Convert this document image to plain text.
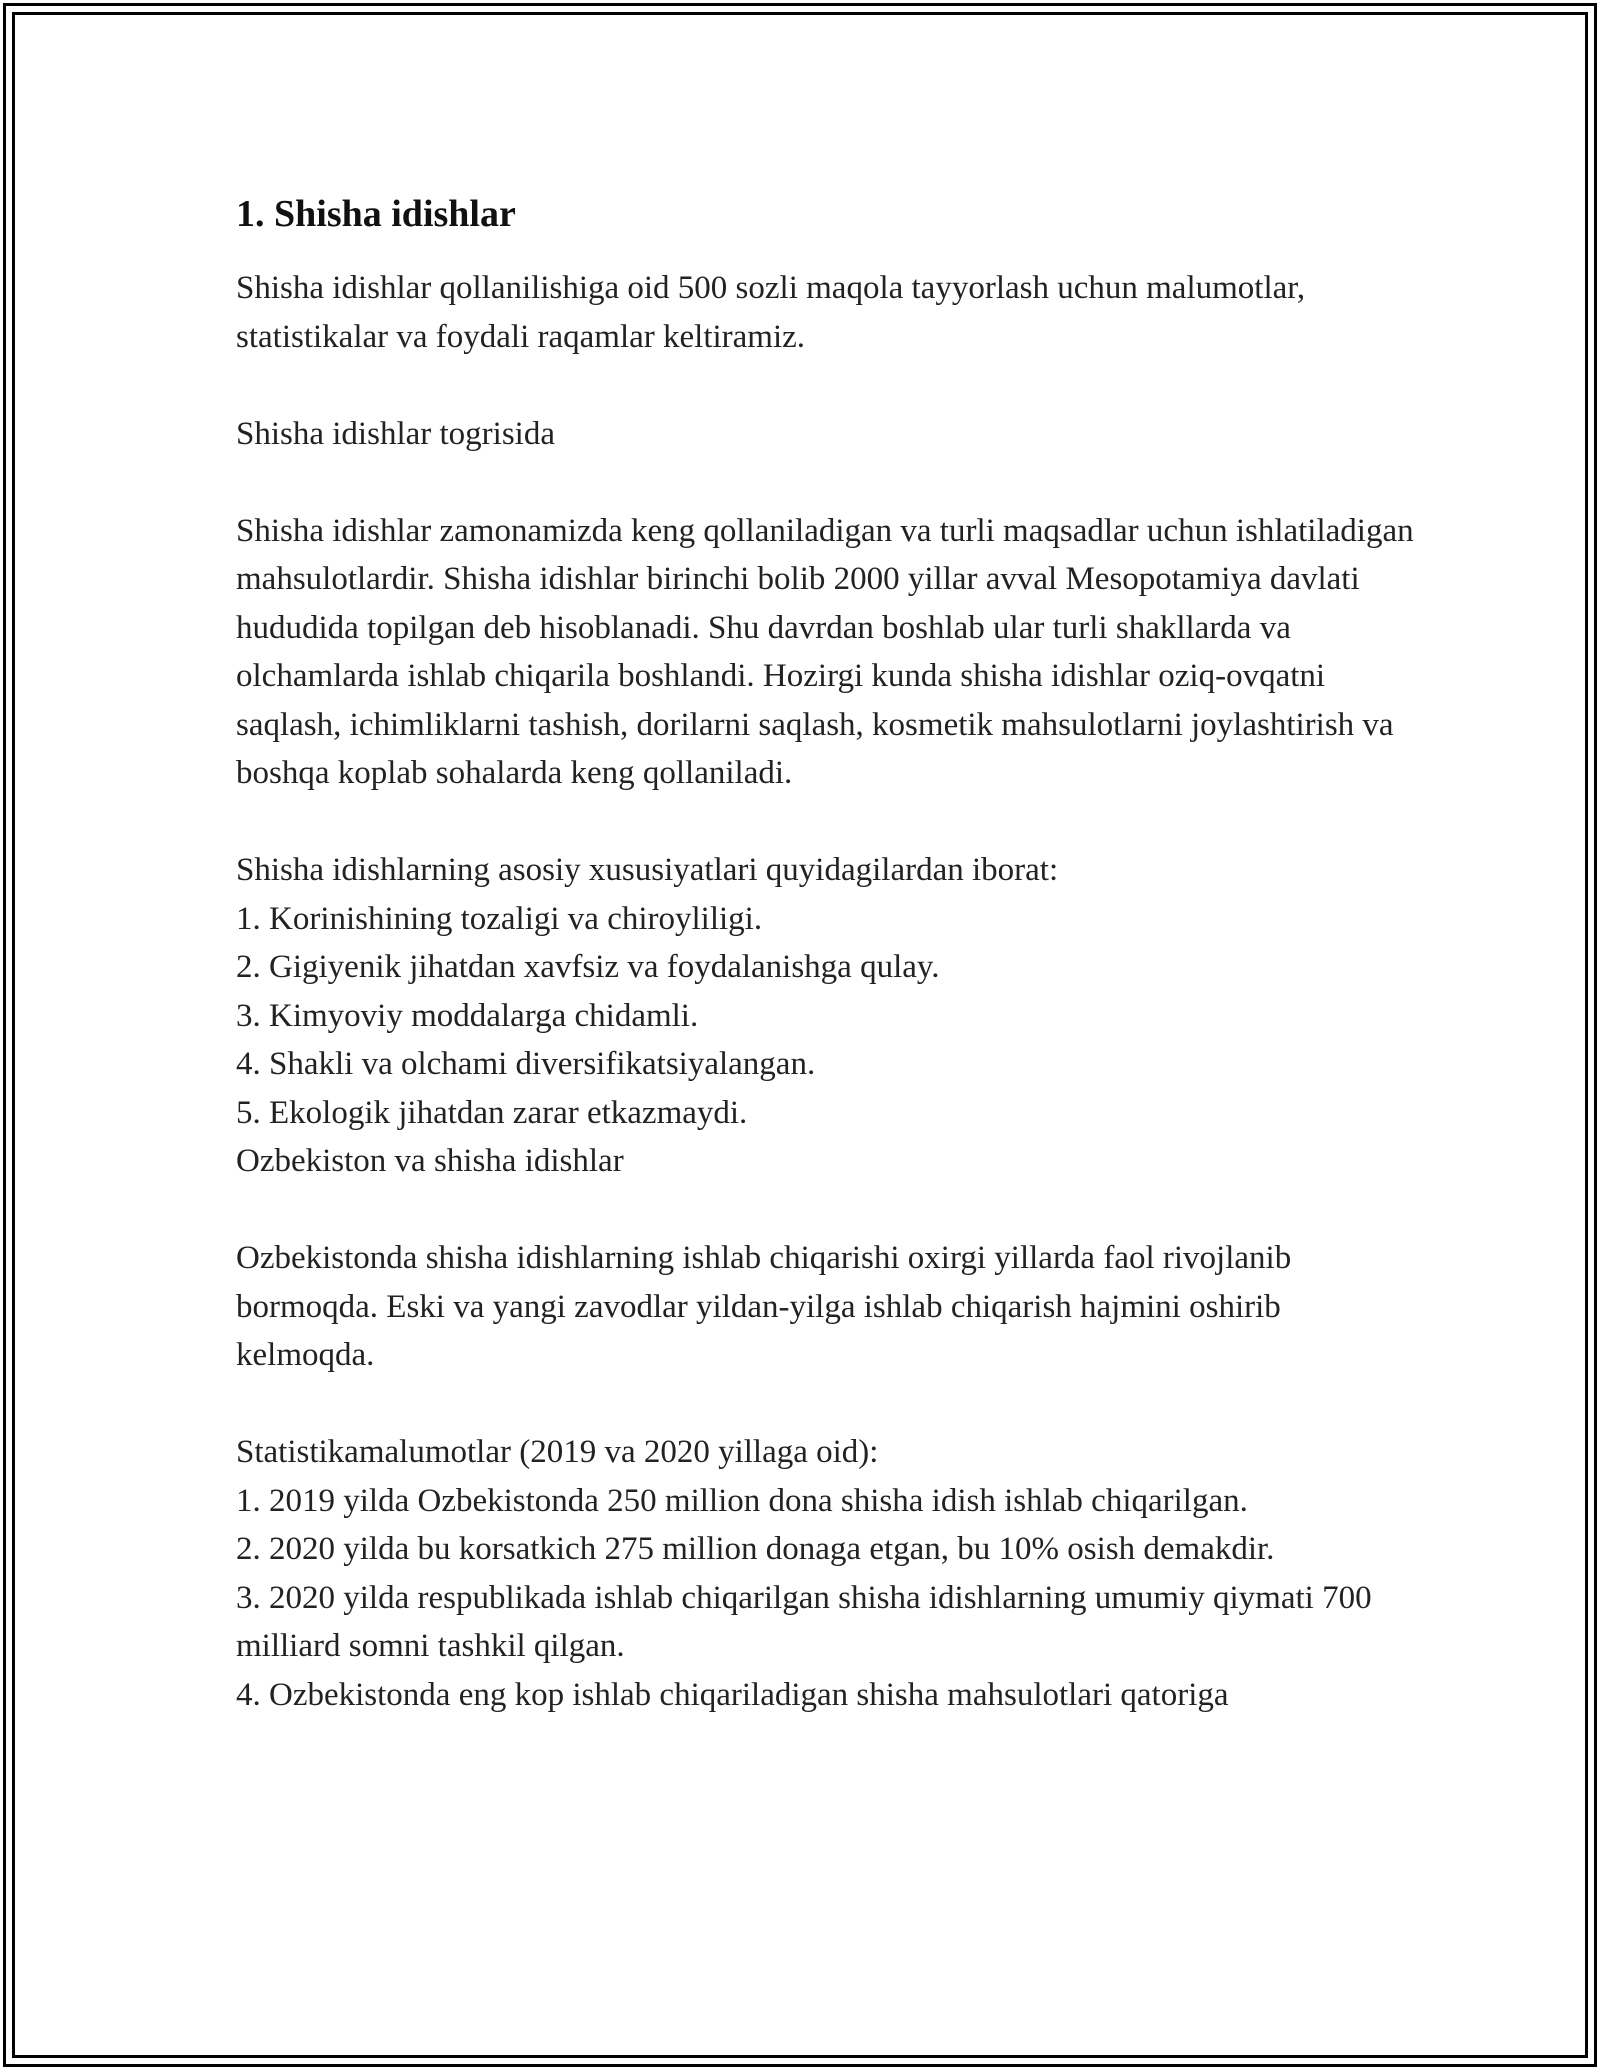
1. Shisha idishlar

Shisha idishlar qollanilishiga oid 500 sozli maqola tayyorlash uchun malumotlar, statistikalar va foydali raqamlar keltiramiz.

Shisha idishlar togrisida

Shisha idishlar zamonamizda keng qollaniladigan va turli maqsadlar uchun ishlatiladigan mahsulotlardir. Shisha idishlar birinchi bolib 2000 yillar avval Mesopotamiya davlati hududida topilgan deb hisoblanadi. Shu davrdan boshlab ular turli shakllarda va olchamlarda ishlab chiqarila boshlandi. Hozirgi kunda shisha idishlar oziq-ovqatni saqlash, ichimliklarni tashish, dorilarni saqlash, kosmetik mahsulotlarni joylashtirish va boshqa koplab sohalarda keng qollaniladi.

Shisha idishlarning asosiy xususiyatlari quyidagilardan iborat:

1. Korinishining tozaligi va chiroyliligi.
2. Gigiyenik jihatdan xavfsiz va foydalanishga qulay.
3. Kimyoviy moddalarga chidamli.
4. Shakli va olchami diversifikatsiyalangan.
5. Ekologik jihatdan zarar etkazmaydi.

Ozbekiston va shisha idishlar

Ozbekistonda shisha idishlarning ishlab chiqarishi oxirgi yillarda faol rivojlanib bormoqda. Eski va yangi zavodlar yildan-yilga ishlab chiqarish hajmini oshirib kelmoqda.

Statistikamalumotlar (2019 va 2020 yillaga oid):

1. 2019 yilda Ozbekistonda 250 million dona shisha idish ishlab chiqarilgan.
2. 2020 yilda bu korsatkich 275 million donaga etgan, bu 10% osish demakdir.
3. 2020 yilda respublikada ishlab chiqarilgan shisha idishlarning umumiy qiymati 700 milliard somni tashkil qilgan.
4. Ozbekistonda eng kop ishlab chiqariladigan shisha mahsulotlari qatoriga
